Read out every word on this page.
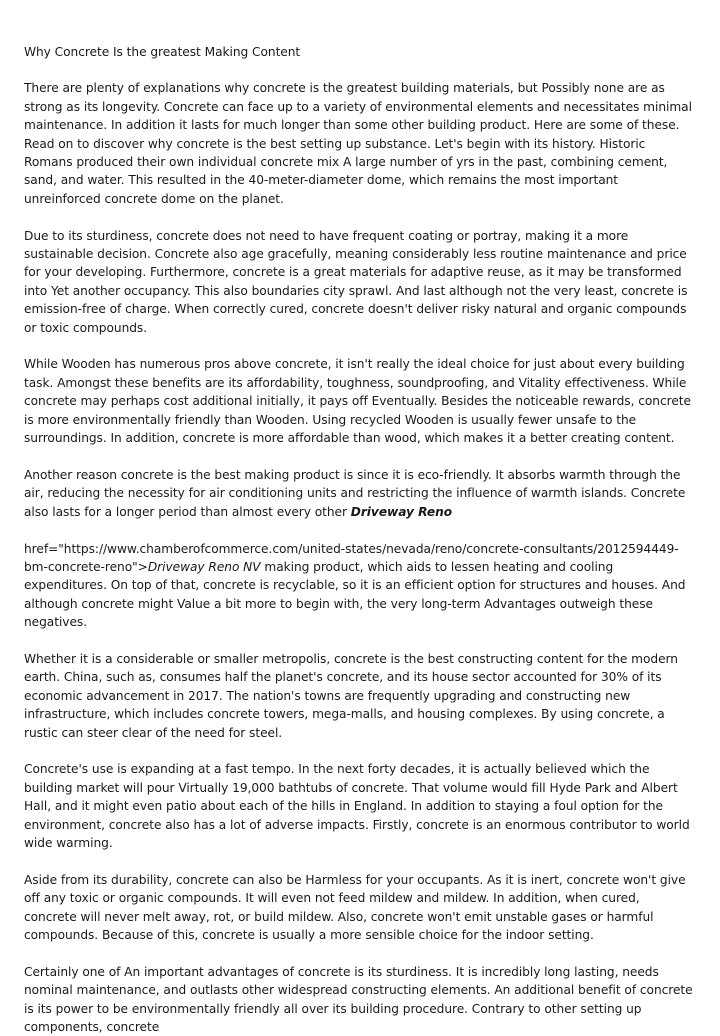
Why Concrete Is the greatest Making Content

There are plenty of explanations why concrete is the greatest building materials, but Possibly none are as strong as its longevity. Concrete can face up to a variety of environmental elements and necessitates minimal maintenance. In addition it lasts for much longer than some other building product. Here are some of these. Read on to discover why concrete is the best setting up substance. Let's begin with its history. Historic Romans produced their own individual concrete mix A large number of yrs in the past, combining cement, sand, and water. This resulted in the 40-meter-diameter dome, which remains the most important unreinforced concrete dome on the planet.

Due to its sturdiness, concrete does not need to have frequent coating or portray, making it a more sustainable decision. Concrete also age gracefully, meaning considerably less routine maintenance and price for your developing. Furthermore, concrete is a great materials for adaptive reuse, as it may be transformed into Yet another occupancy. This also boundaries city sprawl. And last although not the very least, concrete is emission-free of charge. When correctly cured, concrete doesn't deliver risky natural and organic compounds or toxic compounds.

While Wooden has numerous pros above concrete, it isn't really the ideal choice for just about every building task. Amongst these benefits are its affordability, toughness, soundproofing, and Vitality effectiveness. While concrete may perhaps cost additional initially, it pays off Eventually. Besides the noticeable rewards, concrete is more environmentally friendly than Wooden. Using recycled Wooden is usually fewer unsafe to the surroundings. In addition, concrete is more affordable than wood, which makes it a better creating content.

Another reason concrete is the best making product is since it is eco-friendly. It absorbs warmth through the air, reducing the necessity for air conditioning units and restricting the influence of warmth islands. Concrete also lasts for a longer period than almost every other Driveway Reno

href="https://www.chamberofcommerce.com/united-states/nevada/reno/concrete-consultants/2012594449-bm-concrete-reno">Driveway Reno NV making product, which aids to lessen heating and cooling expenditures. On top of that, concrete is recyclable, so it is an efficient option for structures and houses. And although concrete might Value a bit more to begin with, the very long-term Advantages outweigh these negatives.

Whether it is a considerable or smaller metropolis, concrete is the best constructing content for the modern earth. China, such as, consumes half the planet's concrete, and its house sector accounted for 30% of its economic advancement in 2017. The nation's towns are frequently upgrading and constructing new infrastructure, which includes concrete towers, mega-malls, and housing complexes. By using concrete, a rustic can steer clear of the need for steel.

Concrete's use is expanding at a fast tempo. In the next forty decades, it is actually believed which the building market will pour Virtually 19,000 bathtubs of concrete. That volume would fill Hyde Park and Albert Hall, and it might even patio about each of the hills in England. In addition to staying a foul option for the environment, concrete also has a lot of adverse impacts. Firstly, concrete is an enormous contributor to world wide warming.

Aside from its durability, concrete can also be Harmless for your occupants. As it is inert, concrete won't give off any toxic or organic compounds. It will even not feed mildew and mildew. In addition, when cured, concrete will never melt away, rot, or build mildew. Also, concrete won't emit unstable gases or harmful compounds. Because of this, concrete is usually a more sensible choice for the indoor setting.

Certainly one of An important advantages of concrete is its sturdiness. It is incredibly long lasting, needs nominal maintenance, and outlasts other widespread constructing elements. An additional benefit of concrete is its power to be environmentally friendly all over its building procedure. Contrary to other setting up components, concrete
